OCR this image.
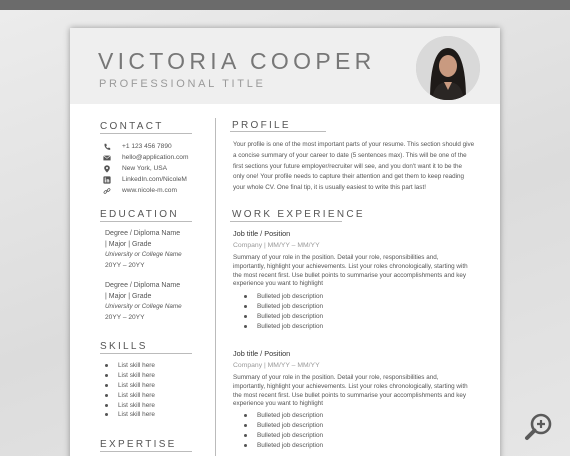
VICTORIA COOPER
PROFESSIONAL TITLE
CONTACT
+1 123 456 7890
hello@application.com
New York, USA
LinkedIn.com/NicoleM
www.nicole-m.com
EDUCATION
Degree / Diploma Name
| Major | Grade
University or College Name
20YY – 20YY
Degree / Diploma Name
| Major | Grade
University or College Name
20YY – 20YY
SKILLS
List skill here
List skill here
List skill here
List skill here
List skill here
List skill here
EXPERTISE
PROFILE
Your profile is one of the most important parts of your resume. This section should give a concise summary of your career to date (5 sentences max). This will be one of the first sections your future employer/recruiter will see, and you don't want it to be the only one! Your profile needs to capture their attention and get them to keep reading your whole CV. One final tip, it is usually easiest to write this part last!
WORK EXPERIENCE
Job title / Position
Company | MM/YY – MM/YY
Summary of your role in the position. Detail your role, responsibilities and, importantly, highlight your achievements. List your roles chronologically, starting with the most recent first. Use bullet points to summarise your accomplishments and key experience you want to highlight
Bulleted job description
Bulleted job description
Bulleted job description
Bulleted job description
Job title / Position
Company | MM/YY – MM/YY
Summary of your role in the position. Detail your role, responsibilities and, importantly, highlight your achievements. List your roles chronologically, starting with the most recent first. Use bullet points to summarise your accomplishments and key experience you want to highlight
Bulleted job description
Bulleted job description
Bulleted job description
Bulleted job description
